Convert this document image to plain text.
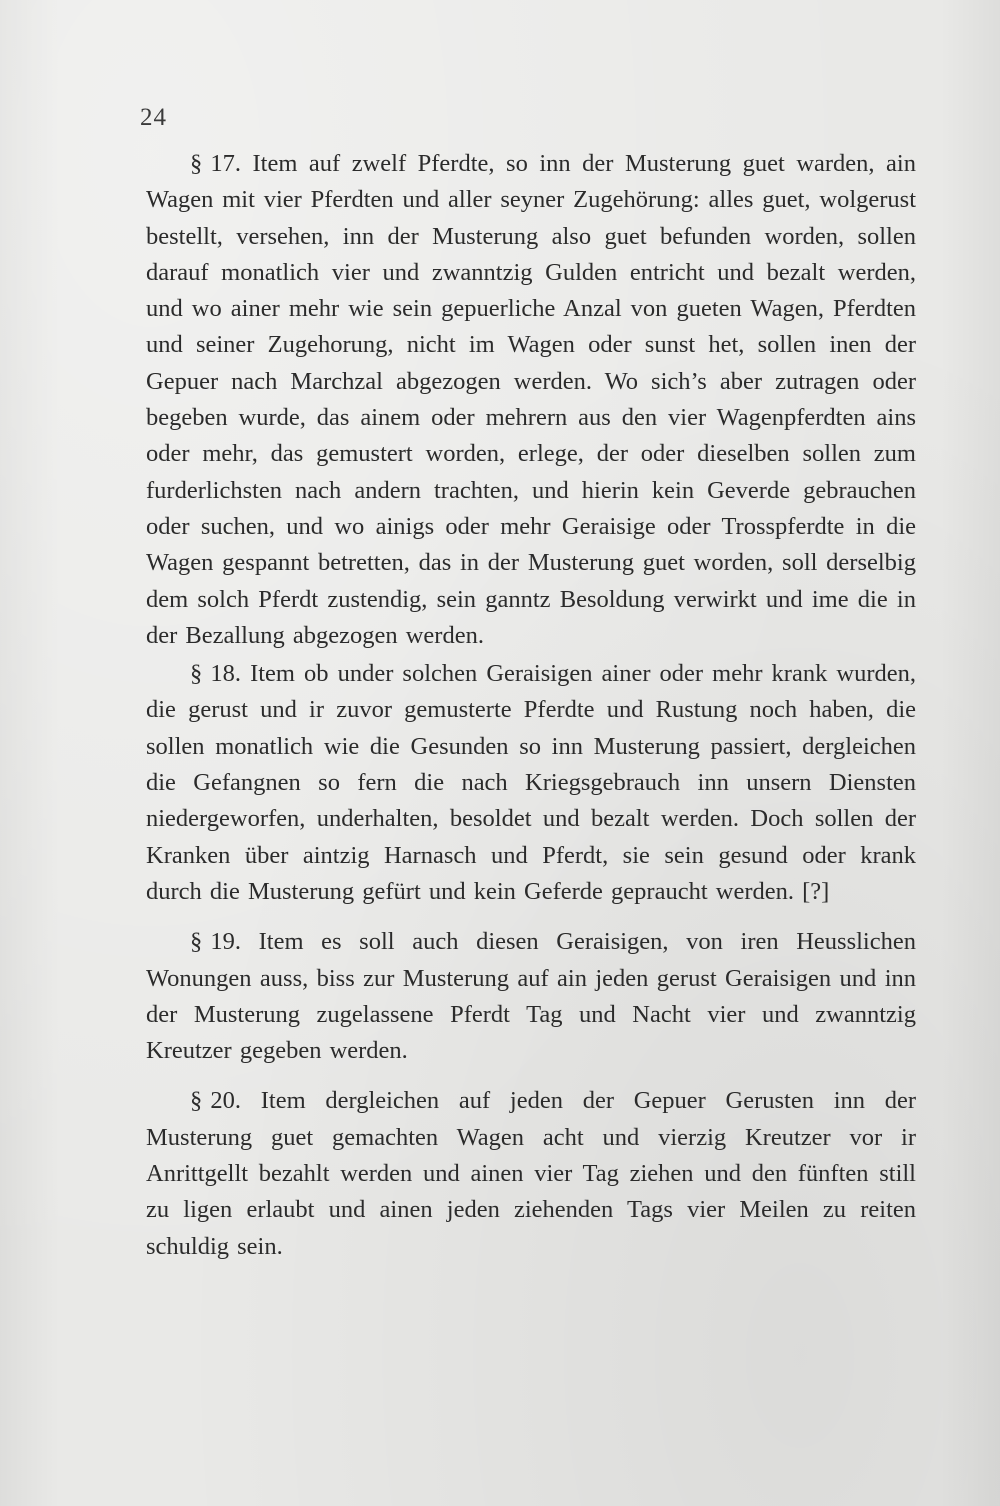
24

§ 17. Item auf zwelf Pferdte, so inn der Musterung guet warden, ain Wagen mit vier Pferdten und aller seyner Zugehörung: alles guet, wolgerust bestellt, versehen, inn der Musterung also guet befunden worden, sollen darauf monatlich vier und zwanntzig Gulden entricht und bezalt werden, und wo ainer mehr wie sein gepuerliche Anzal von gueten Wagen, Pferdten und seiner Zugehorung, nicht im Wagen oder sunst het, sollen inen der Gepuer nach Marchzal abgezogen werden. Wo sich’s aber zutragen oder begeben wurde, das ainem oder mehrern aus den vier Wagenpferdten ains oder mehr, das gemustert worden, erlege, der oder dieselben sollen zum furderlichsten nach andern trachten, und hierin kein Geverde gebrauchen oder suchen, und wo ainigs oder mehr Geraisige oder Trosspferdte in die Wagen gespannt betretten, das in der Musterung guet worden, soll derselbig dem solch Pferdt zustendig, sein ganntz Besoldung verwirkt und ime die in der Bezallung abgezogen werden.

§ 18. Item ob under solchen Geraisigen ainer oder mehr krank wurden, die gerust und ir zuvor gemusterte Pferdte und Rustung noch haben, die sollen monatlich wie die Gesunden so inn Musterung passiert, dergleichen die Gefangnen so fern die nach Kriegsgebrauch inn unsern Diensten niedergeworfen, underhalten, besoldet und bezalt werden. Doch sollen der Kranken über aintzig Harnasch und Pferdt, sie sein gesund oder krank durch die Musterung gefürt und kein Geferde gepraucht werden. [?]

§ 19. Item es soll auch diesen Geraisigen, von iren Heusslichen Wonungen auss, biss zur Musterung auf ain jeden gerust Geraisigen und inn der Musterung zugelassene Pferdt Tag und Nacht vier und zwanntzig Kreutzer gegeben werden.

§ 20. Item dergleichen auf jeden der Gepuer Gerusten inn der Musterung guet gemachten Wagen acht und vierzig Kreutzer vor ir Anrittgellt bezahlt werden und ainen vier Tag ziehen und den fünften still zu ligen erlaubt und ainen jeden ziehenden Tags vier Meilen zu reiten schuldig sein.
